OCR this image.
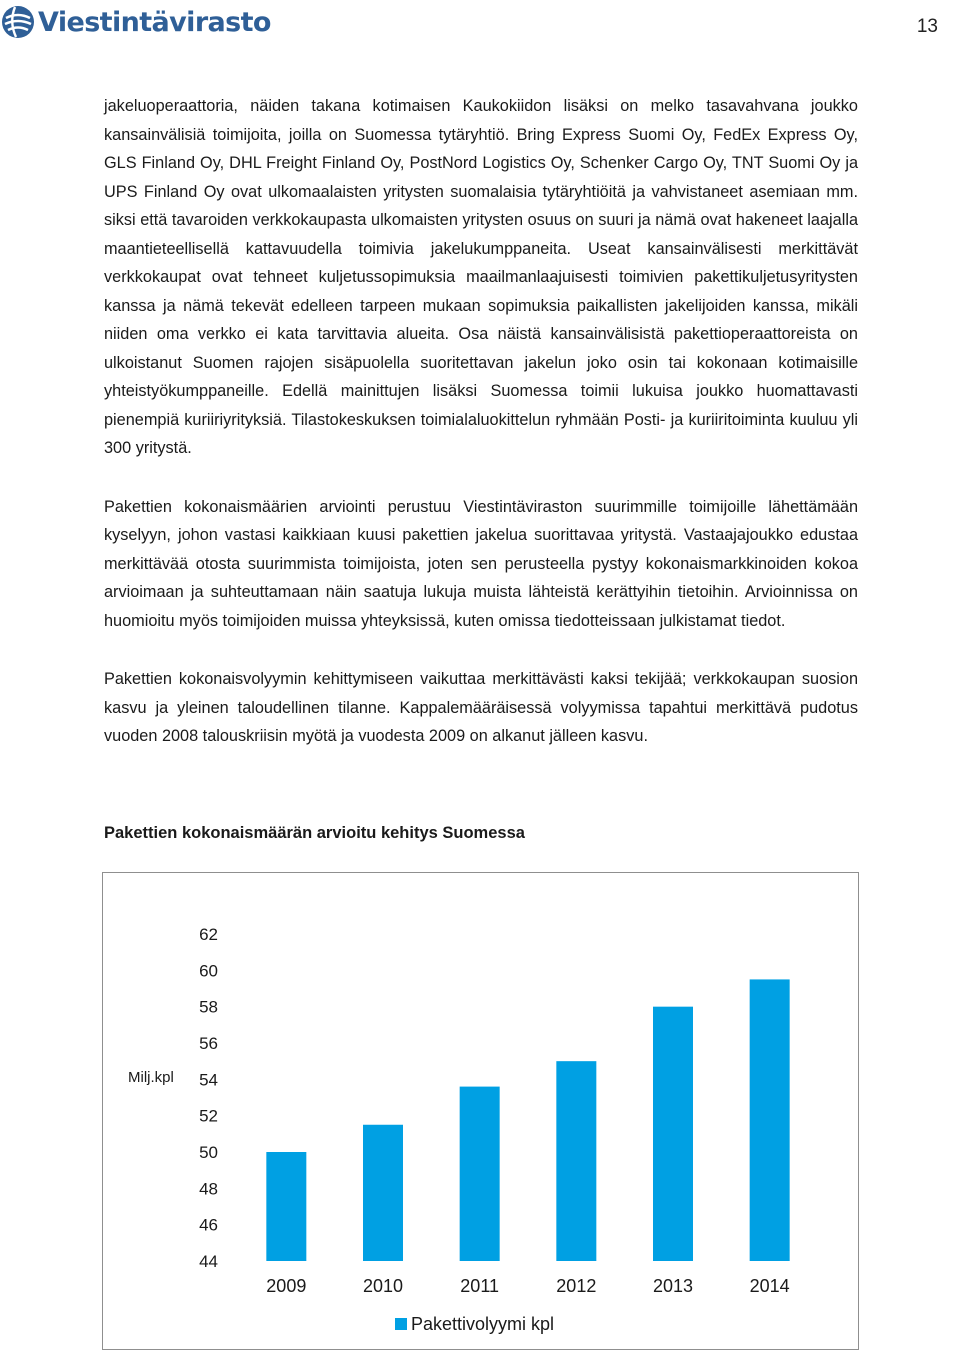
Viestintävirasto	13

jakeluoperaattoria, näiden takana kotimaisen Kaukokiidon lisäksi on melko tasavahvana joukko kansainvälisiä toimijoita, joilla on Suomessa tytäryhtiö. Bring Express Suomi Oy, FedEx Express Oy, GLS Finland Oy, DHL Freight Finland Oy, PostNord Logistics Oy, Schenker Cargo Oy, TNT Suomi Oy ja UPS Finland Oy ovat ulkomaalaisten yritysten suomalaisia tytäryhtiöitä ja vahvistaneet asemiaan mm. siksi että tavaroiden verkkokaupasta ulkomaisten yritysten osuus on suuri ja nämä ovat hakeneet laajalla maantieteellisellä kattavuudella toimivia jakelukumppaneita. Useat kansainvälisesti merkittävät verkkokaupat ovat tehneet kuljetussopimuksia maailmanlaajuisesti toimivien pakettikuljetusyritysten kanssa ja nämä tekevät edelleen tarpeen mukaan sopimuksia paikallisten jakelijoiden kanssa, mikäli niiden oma verkko ei kata tarvittavia alueita. Osa näistä kansainvälisistä pakettioperaattoreista on ulkoistanut Suomen rajojen sisäpuolella suoritettavan jakelun joko osin tai kokonaan kotimaisille yhteistyökumppaneille. Edellä mainittujen lisäksi Suomessa toimii lukuisa joukko huomattavasti pienempiä kuriiriyrityksiä. Tilastokeskuksen toimialaluokittelun ryhmään Posti- ja kuriiritoiminta kuuluu yli 300 yritystä.

Pakettien kokonaismäärien arviointi perustuu Viestintäviraston suurimmille toimijoille lähettämään kyselyyn, johon vastasi kaikkiaan kuusi pakettien jakelua suorittavaa yritystä. Vastaajajoukko edustaa merkittävää otosta suurimmista toimijoista, joten sen perusteella pystyy kokonaismarkkinoiden kokoa arvioimaan ja suhteuttamaan näin saatuja lukuja muista lähteistä kerättyihin tietoihin. Arvioinnissa on huomioitu myös toimijoiden muissa yhteyksissä, kuten omissa tiedotteissaan julkistamat tiedot.

Pakettien kokonaisvolyymin kehittymiseen vaikuttaa merkittävästi kaksi tekijää; verkkokaupan suosion kasvu ja yleinen taloudellinen tilanne. Kappalemääräisessä volyymissa tapahtui merkittävä pudotus vuoden 2008 talouskriisin myötä ja vuodesta 2009 on alkanut jälleen kasvu.

Pakettien kokonaismäärän arvioitu kehitys Suomessa
62
60
58
56
54
52
50
48
46
44
Milj.kpl
2009	2010	2011	2012	2013	2014
Pakettivolyymi kpl
